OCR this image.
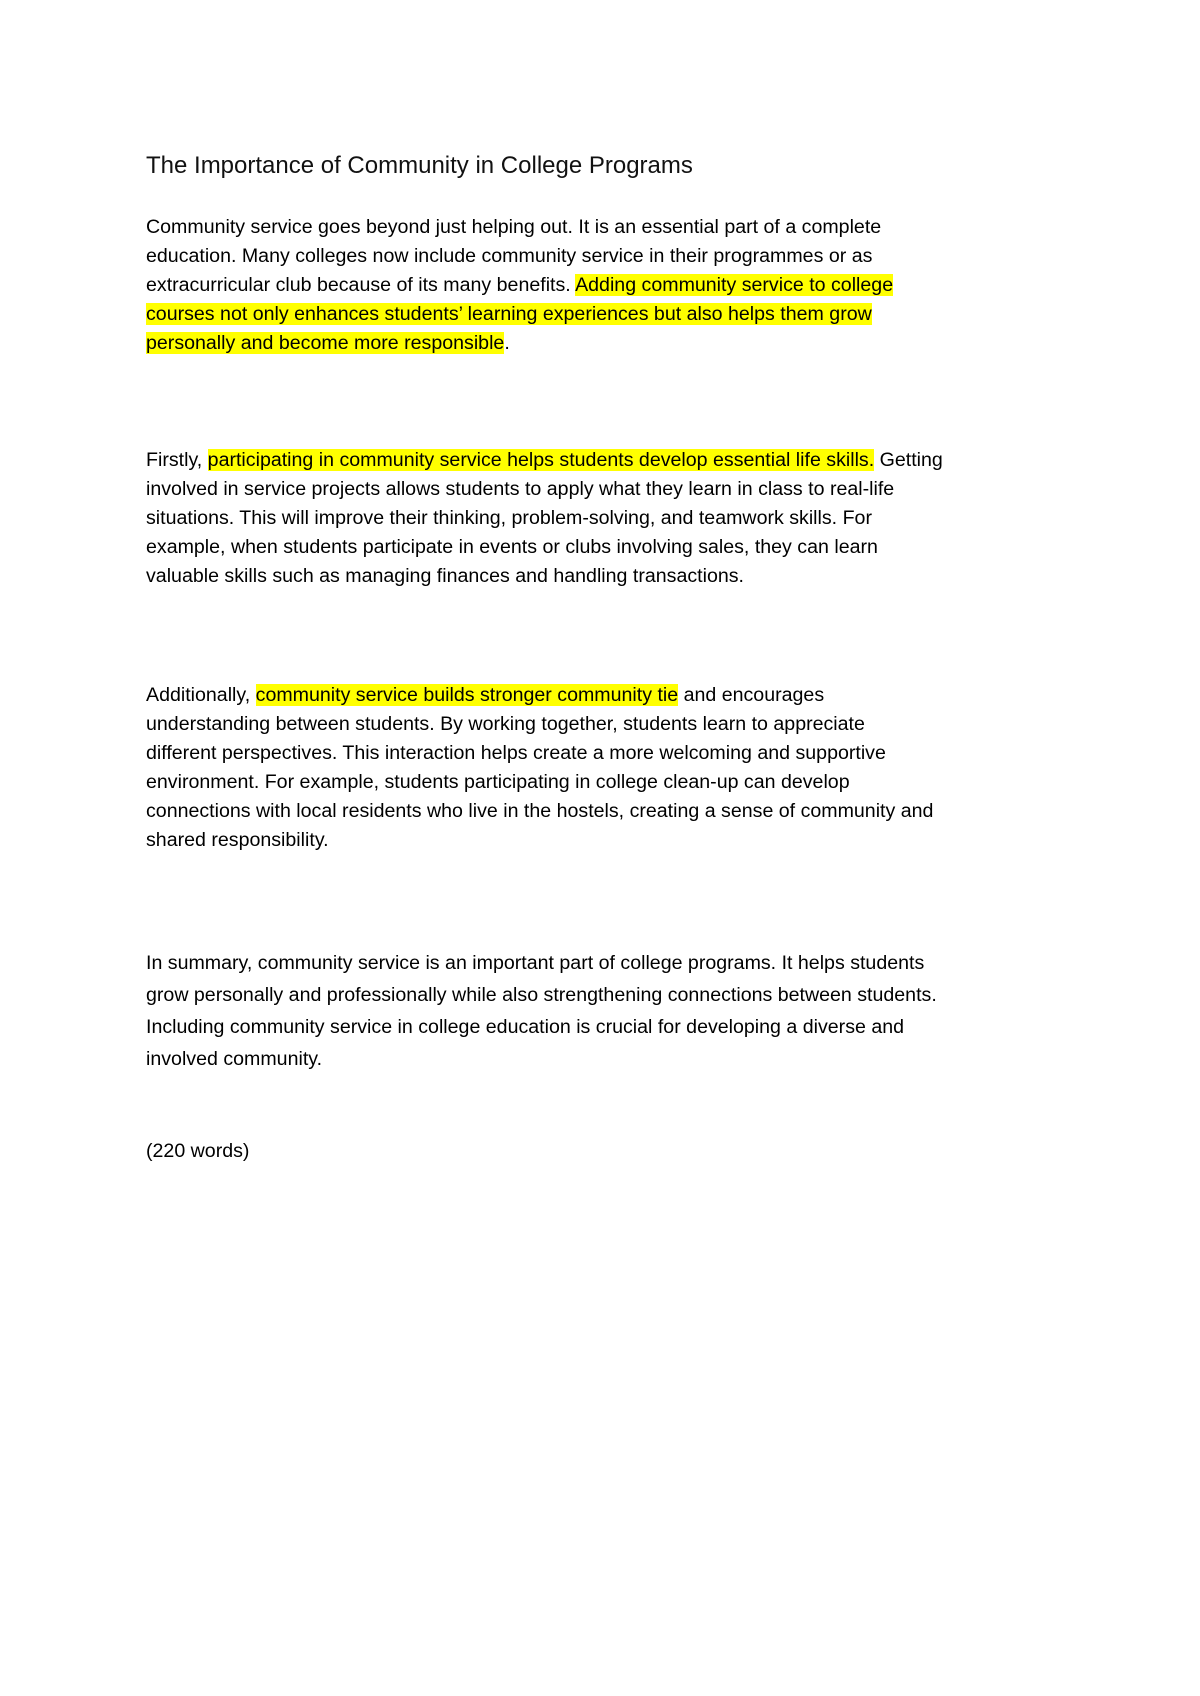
The Importance of Community in College Programs
Community service goes beyond just helping out. It is an essential part of a complete
education. Many colleges now include community service in their programmes or as
extracurricular club because of its many benefits. Adding community service to college
courses not only enhances students’ learning experiences but also helps them grow
personally and become more responsible.
Firstly, participating in community service helps students develop essential life skills. Getting
involved in service projects allows students to apply what they learn in class to real-life
situations. This will improve their thinking, problem-solving, and teamwork skills. For
example, when students participate in events or clubs involving sales, they can learn
valuable skills such as managing finances and handling transactions.
Additionally, community service builds stronger community tie and encourages
understanding between students. By working together, students learn to appreciate
different perspectives. This interaction helps create a more welcoming and supportive
environment. For example, students participating in college clean-up can develop
connections with local residents who live in the hostels, creating a sense of community and
shared responsibility.
In summary, community service is an important part of college programs. It helps students
grow personally and professionally while also strengthening connections between students.
Including community service in college education is crucial for developing a diverse and
involved community.
(220 words)
